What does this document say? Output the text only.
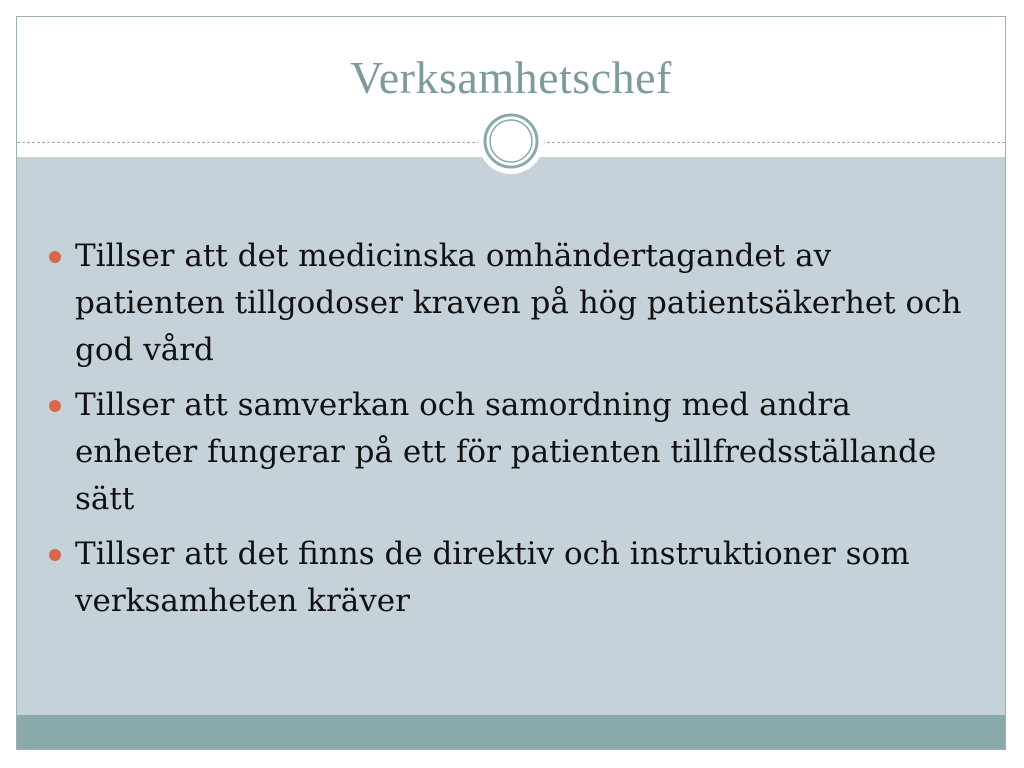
Verksamhetschef
Tillser att det medicinska omhändertagandet av patienten tillgodoser kraven på hög patientsäkerhet och god vård
Tillser att samverkan och samordning med andra enheter fungerar på ett för patienten tillfredsställande sätt
Tillser att det finns de direktiv och instruktioner som verksamheten kräver
